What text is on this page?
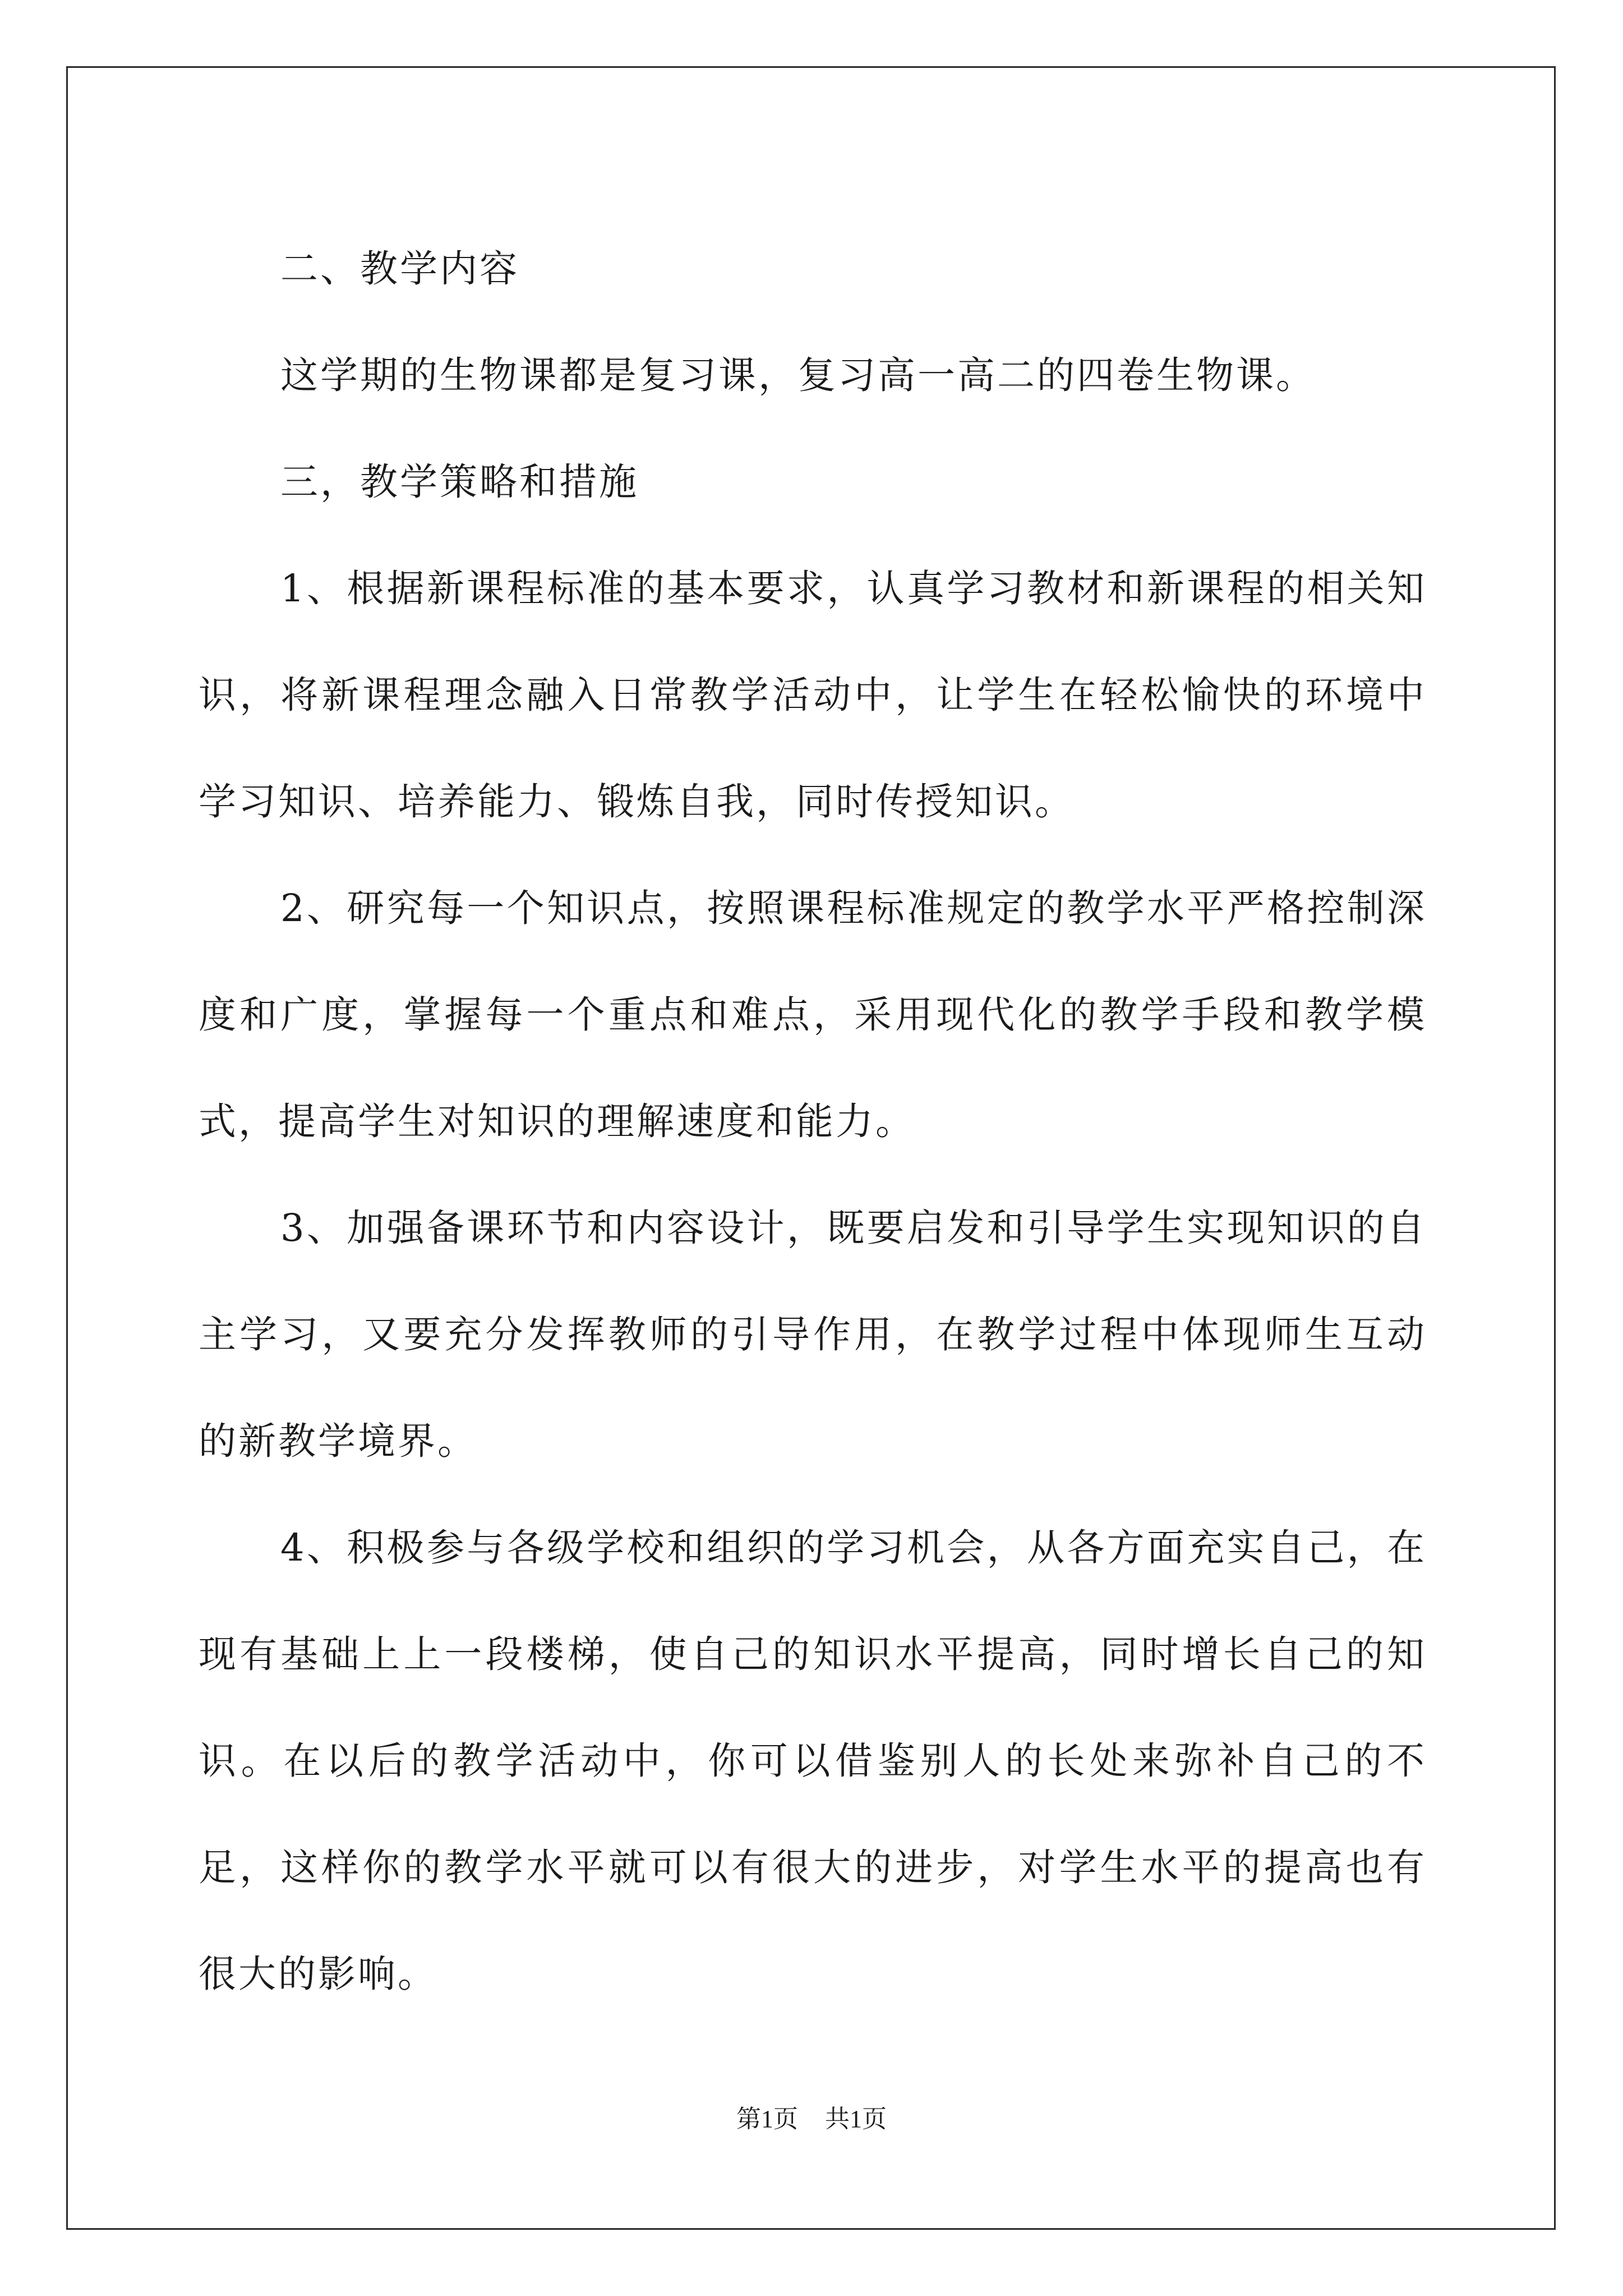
二、教学内容

这学期的生物课都是复习课，复习高一高二的四卷生物课。

三，教学策略和措施

1、根据新课程标准的基本要求，认真学习教材和新课程的相关知识，将新课程理念融入日常教学活动中，让学生在轻松愉快的环境中学习知识、培养能力、锻炼自我，同时传授知识。

2、研究每一个知识点，按照课程标准规定的教学水平严格控制深度和广度，掌握每一个重点和难点，采用现代化的教学手段和教学模式，提高学生对知识的理解速度和能力。

3、加强备课环节和内容设计，既要启发和引导学生实现知识的自主学习，又要充分发挥教师的引导作用，在教学过程中体现师生互动的新教学境界。

4、积极参与各级学校和组织的学习机会，从各方面充实自己，在现有基础上上一段楼梯，使自己的知识水平提高，同时增长自己的知识。在以后的教学活动中，你可以借鉴别人的长处来弥补自己的不足，这样你的教学水平就可以有很大的进步，对学生水平的提高也有很大的影响。

第1页 共1页
